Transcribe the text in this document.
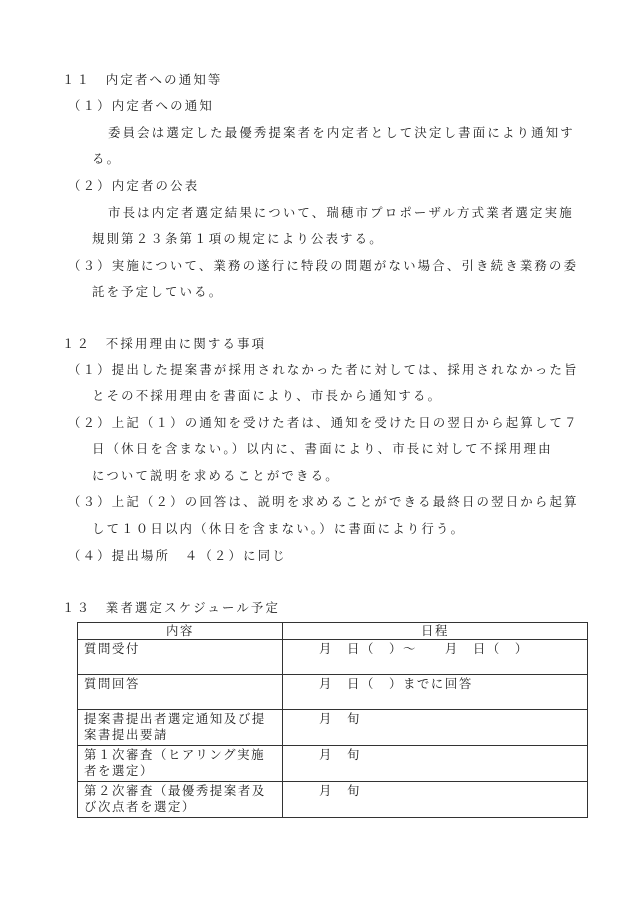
１１　内定者への通知等
（１）内定者への通知
委員会は選定した最優秀提案者を内定者として決定し書面により通知す
る。
（２）内定者の公表
市長は内定者選定結果について、瑞穂市プロポーザル方式業者選定実施
規則第２３条第１項の規定により公表する。
（３）実施について、業務の遂行に特段の問題がない場合、引き続き業務の委
託を予定している。
１２　不採用理由に関する事項
（１）提出した提案書が採用されなかった者に対しては、採用されなかった旨
とその不採用理由を書面により、市長から通知する。
（２）上記（１）の通知を受けた者は、通知を受けた日の翌日から起算して７
日（休日を含まない。）以内に、書面により、市長に対して不採用理由
について説明を求めることができる。
（３）上記（２）の回答は、説明を求めることができる最終日の翌日から起算
して１０日以内（休日を含まない。）に書面により行う。
（４）提出場所　４（２）に同じ
１３　業者選定スケジュール予定
内容	日程
質問受付	月　日（　）～　　月　日（　）
質問回答	月　日（　）までに回答
提案書提出者選定通知及び提案書提出要請	月　旬
第１次審査（ヒアリング実施者を選定）	月　旬
第２次審査（最優秀提案者及び次点者を選定）	月　旬
